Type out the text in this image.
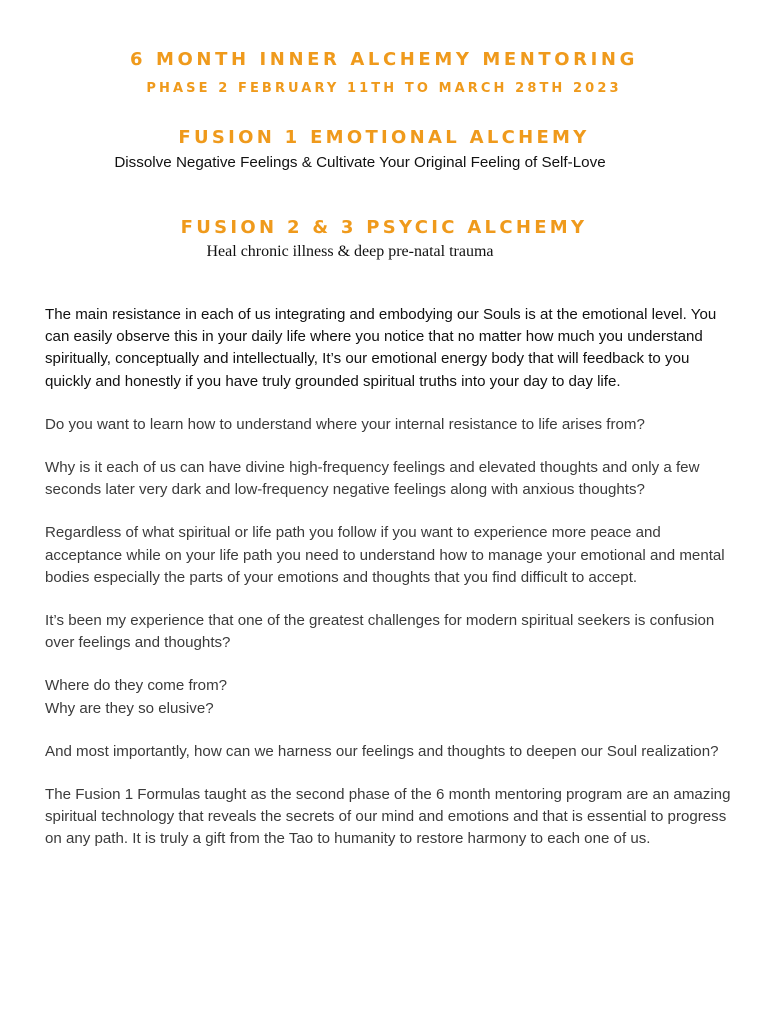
6 MONTH INNER ALCHEMY MENTORING
PHASE 2 FEBRUARY 11TH TO MARCH 28TH 2023
FUSION 1 EMOTIONAL ALCHEMY
Dissolve Negative Feelings & Cultivate Your Original Feeling of Self-Love
FUSION 2 & 3 PSYCIC ALCHEMY
Heal chronic illness & deep pre-natal trauma

The main resistance in each of us integrating and embodying our Souls is at the emotional level. You can easily observe this in your daily life where you notice that no matter how much you understand spiritually, conceptually and intellectually, It’s our emotional energy body that will feedback to you quickly and honestly if you have truly grounded spiritual truths into your day to day life.

Do you want to learn how to understand where your internal resistance to life arises from?

Why is it each of us can have divine high-frequency feelings and elevated thoughts and only a few seconds later very dark and low-frequency negative feelings along with anxious thoughts?

Regardless of what spiritual or life path you follow if you want to experience more peace and acceptance while on your life path you need to understand how to manage your emotional and mental bodies especially the parts of your emotions and thoughts that you find difficult to accept.

It’s been my experience that one of the greatest challenges for modern spiritual seekers is confusion over feelings and thoughts?

Where do they come from?
Why are they so elusive?

And most importantly, how can we harness our feelings and thoughts to deepen our Soul realization?

The Fusion 1 Formulas taught as the second phase of the 6 month mentoring program are an amazing spiritual technology that reveals the secrets of our mind and emotions and that is essential to progress on any path. It is truly a gift from the Tao to humanity to restore harmony to each one of us.
